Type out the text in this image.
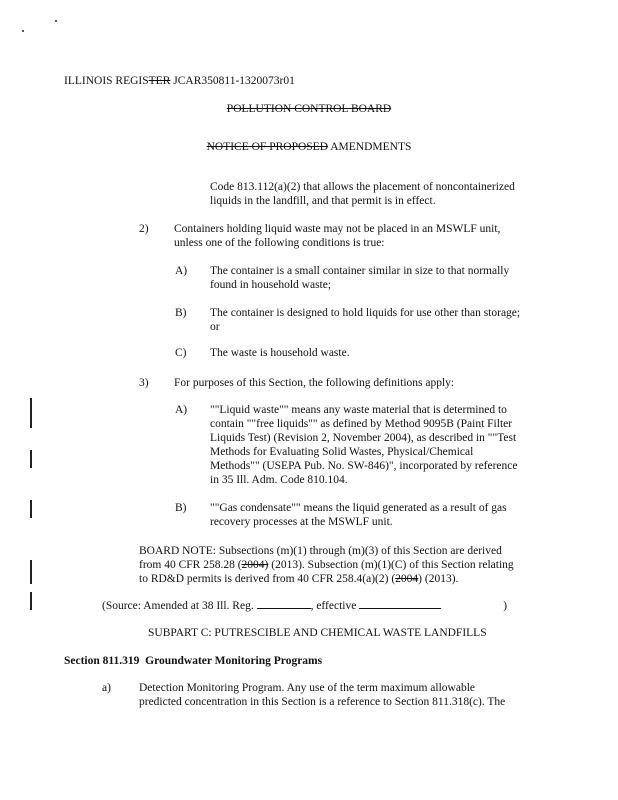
ILLINOIS REGISTER JCAR350811-1320073r01
POLLUTION CONTROL BOARD
NOTICE OF PROPOSED AMENDMENTS
Code 813.112(a)(2) that allows the placement of noncontainerized
liquids in the landfill, and that permit is in effect.
2) Containers holding liquid waste may not be placed in an MSWLF unit,
unless one of the following conditions is true:
A) The container is a small container similar in size to that normally
found in household waste;
B) The container is designed to hold liquids for use other than storage;
or
C) The waste is household waste.
3) For purposes of this Section, the following definitions apply:
A) ""Liquid waste"" means any waste material that is determined to
contain ""free liquids"" as defined by Method 9095B (Paint Filter
Liquids Test) (Revision 2, November 2004), as described in ""Test
Methods for Evaluating Solid Wastes, Physical/Chemical
Methods"" (USEPA Pub. No. SW-846)", incorporated by reference
in 35 Ill. Adm. Code 810.104.
B) ""Gas condensate"" means the liquid generated as a result of gas
recovery processes at the MSWLF unit.
BOARD NOTE: Subsections (m)(1) through (m)(3) of this Section are derived
from 40 CFR 258.28 (2004) (2013). Subsection (m)(1)(C) of this Section relating
to RD&D permits is derived from 40 CFR 258.4(a)(2) (2004) (2013).
(Source: Amended at 38 Ill. Reg.	, effective	)
SUBPART C: PUTRESCIBLE AND CHEMICAL WASTE LANDFILLS
Section 811.319 Groundwater Monitoring Programs
a) Detection Monitoring Program. Any use of the term maximum allowable
predicted concentration in this Section is a reference to Section 811.318(c). The
